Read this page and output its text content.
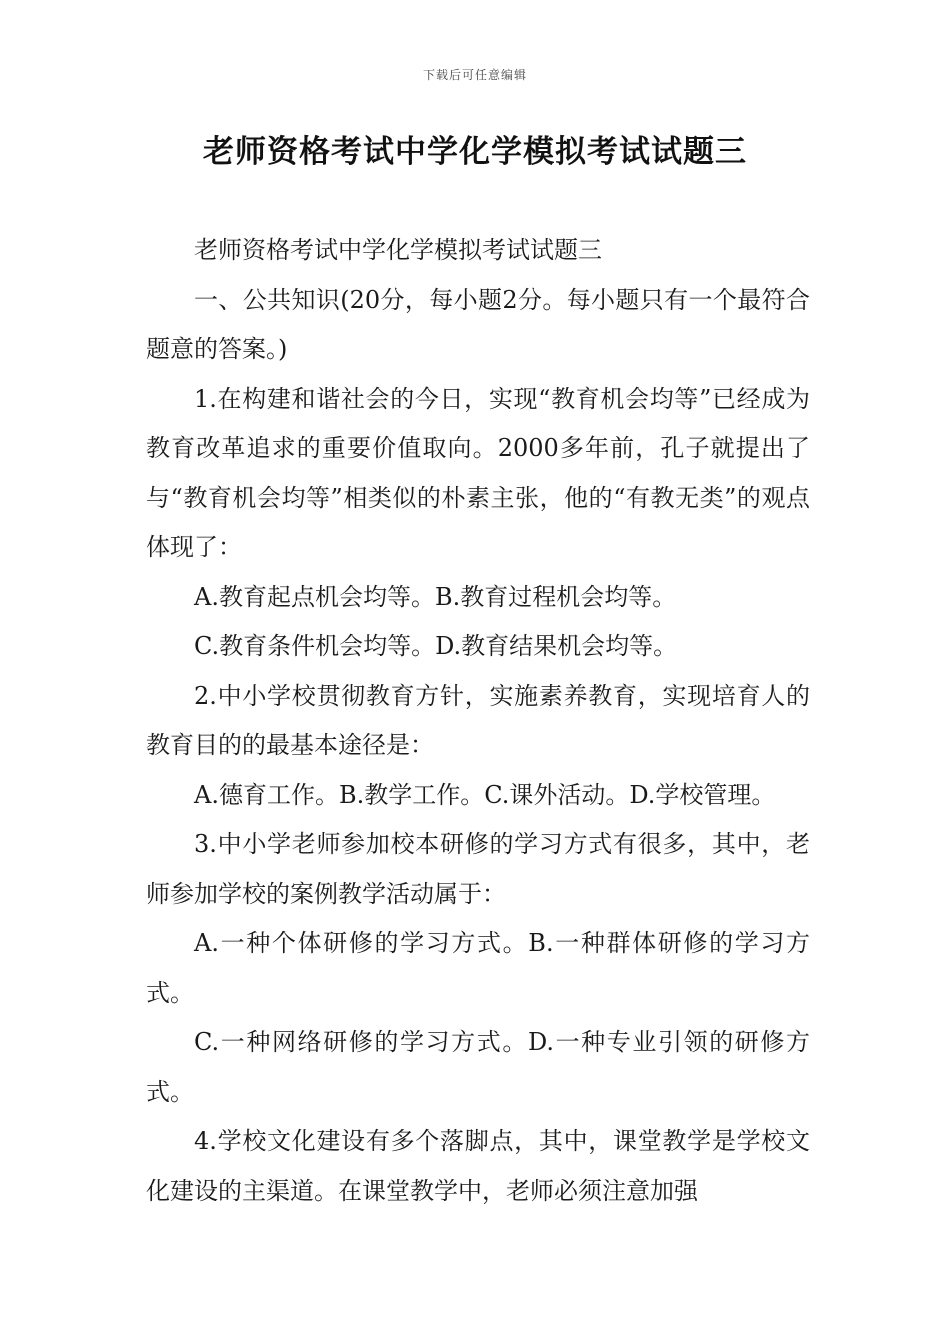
下载后可任意编辑
老师资格考试中学化学模拟考试试题三

老师资格考试中学化学模拟考试试题三

一、公共知识(20分，每小题2分。每小题只有一个最符合题意的答案。)

1.在构建和谐社会的今日，实现“教育机会均等”已经成为教育改革追求的重要价值取向。2000多年前，孔子就提出了与“教育机会均等”相类似的朴素主张，他的“有教无类”的观点体现了：

A.教育起点机会均等。B.教育过程机会均等。

C.教育条件机会均等。D.教育结果机会均等。

2.中小学校贯彻教育方针，实施素养教育，实现培育人的教育目的的最基本途径是：

A.德育工作。B.教学工作。C.课外活动。D.学校管理。

3.中小学老师参加校本研修的学习方式有很多，其中，老师参加学校的案例教学活动属于：

A.一种个体研修的学习方式。B.一种群体研修的学习方式。

C.一种网络研修的学习方式。D.一种专业引领的研修方式。

4.学校文化建设有多个落脚点，其中，课堂教学是学校文化建设的主渠道。在课堂教学中，老师必须注意加强
